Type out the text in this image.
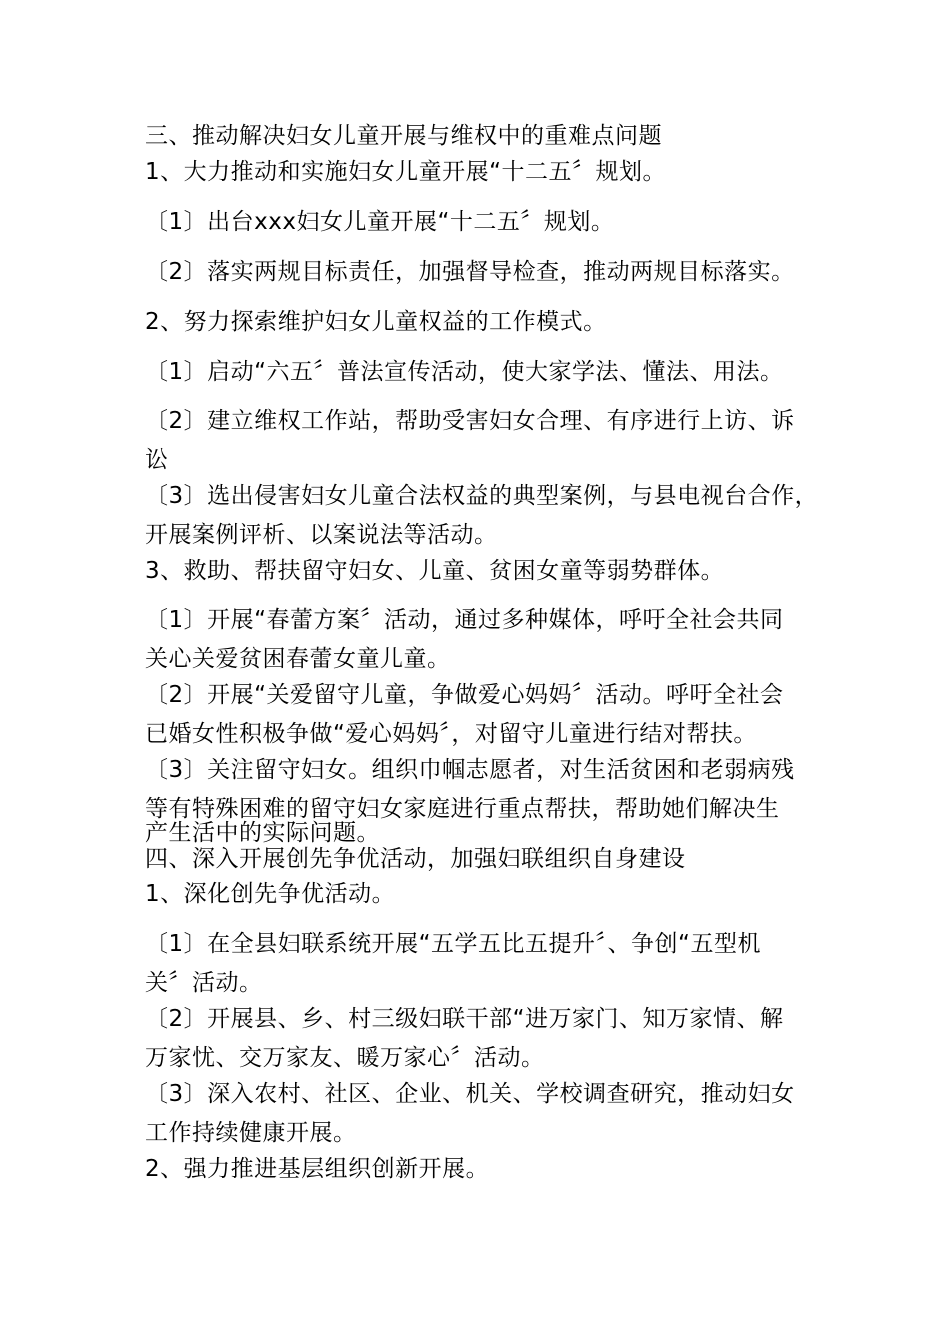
三、推动解决妇女儿童开展与维权中的重难点问题
1、大力推动和实施妇女儿童开展“十二五〞规划。
〔1〕出台xxx妇女儿童开展“十二五〞规划。
〔2〕落实两规目标责任，加强督导检查，推动两规目标落实。
2、努力探索维护妇女儿童权益的工作模式。
〔1〕启动“六五〞普法宣传活动，使大家学法、懂法、用法。
〔2〕建立维权工作站，帮助受害妇女合理、有序进行上访、诉
讼
〔3〕选出侵害妇女儿童合法权益的典型案例，与县电视台合作，
开展案例评析、以案说法等活动。
3、救助、帮扶留守妇女、儿童、贫困女童等弱势群体。
〔1〕开展“春蕾方案〞活动，通过多种媒体，呼吁全社会共同
关心关爱贫困春蕾女童儿童。
〔2〕开展“关爱留守儿童，争做爱心妈妈〞活动。呼吁全社会
已婚女性积极争做“爱心妈妈〞，对留守儿童进行结对帮扶。
〔3〕关注留守妇女。组织巾帼志愿者，对生活贫困和老弱病残
等有特殊困难的留守妇女家庭进行重点帮扶，帮助她们解决生
产生活中的实际问题。
四、深入开展创先争优活动，加强妇联组织自身建设
1、深化创先争优活动。
〔1〕在全县妇联系统开展“五学五比五提升〞、争创“五型机
关〞活动。
〔2〕开展县、乡、村三级妇联干部“进万家门、知万家情、解
万家忧、交万家友、暖万家心〞活动。
〔3〕深入农村、社区、企业、机关、学校调查研究，推动妇女
工作持续健康开展。
2、强力推进基层组织创新开展。
